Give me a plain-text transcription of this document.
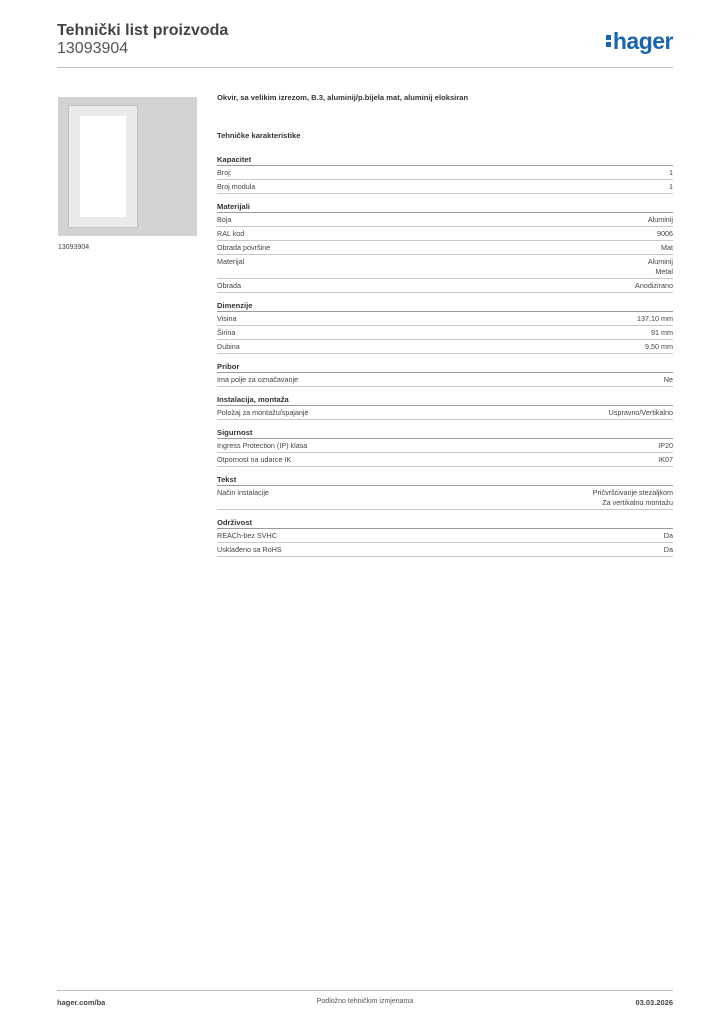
Tehnički list proizvoda
13093904	hager
13093904
Okvir, sa velikim izrezom, B.3, aluminij/p.bijela mat, aluminij eloksiran
Tehničke karakteristike
Kapacitet
Broj:	1
Broj modula	1
Materijali
Boja	Aluminij
RAL kod	9006
Obrada površine	Mat
Materijal	Aluminij
Metal
Obrada	Anodizirano
Dimenzije
Visina	137,10 mm
Širina	91 mm
Dubina	9,50 mm
Pribor
Ima polje za označavanje	Ne
Instalacija, montaža
Položaj za montažu/spajanje	Uspravno/Vertikalno
Sigurnost
Ingress Protection (IP) klasa	IP20
Otpornost na udarce IK	IK07
Tekst
Način instalacije	Pričvršćivanje stezaljkom
Za vertikalnu montažu
Održivost
REACh-bez SVHC	Da
Usklađeno sa RoHS	Da
hager.com/ba	Podložno tehničkim izmjenama	03.03.2026
